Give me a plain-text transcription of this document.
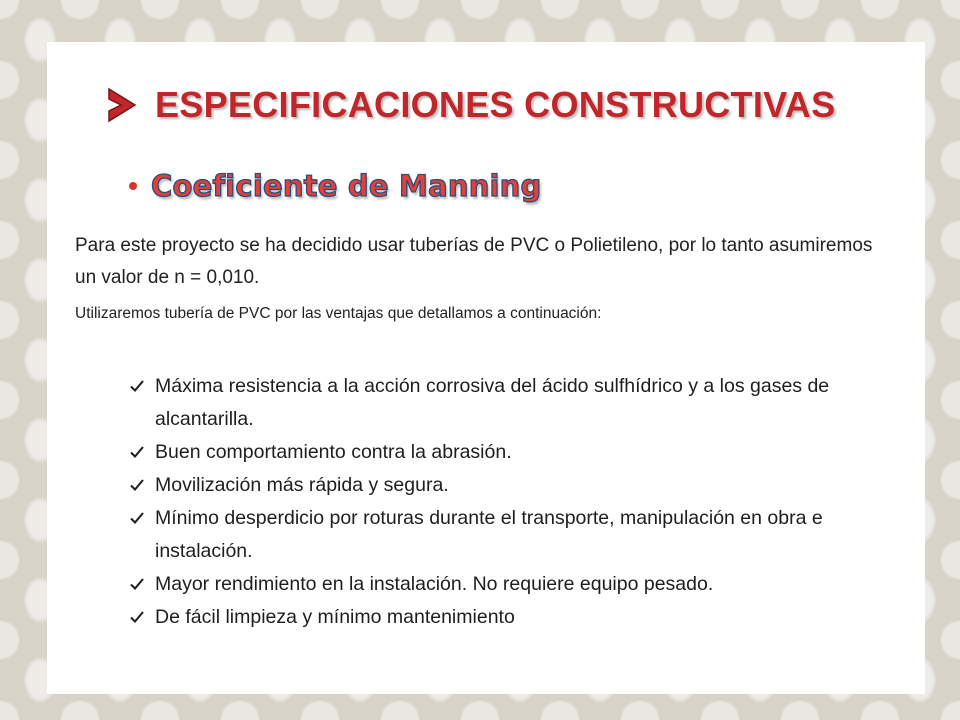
ESPECIFICACIONES CONSTRUCTIVAS
Coeficiente de Manning
Para este proyecto se ha decidido usar tuberías de PVC o Polietileno, por lo tanto asumiremos un valor de n = 0,010.
Utilizaremos tubería de PVC por las ventajas que detallamos a continuación:
Máxima resistencia a la acción corrosiva del ácido sulfhídrico y a los gases de alcantarilla.
Buen comportamiento contra la abrasión.
Movilización más rápida y segura.
Mínimo desperdicio por roturas durante el transporte, manipulación en obra e instalación.
Mayor rendimiento en la instalación. No requiere equipo pesado.
De fácil limpieza y mínimo mantenimiento
